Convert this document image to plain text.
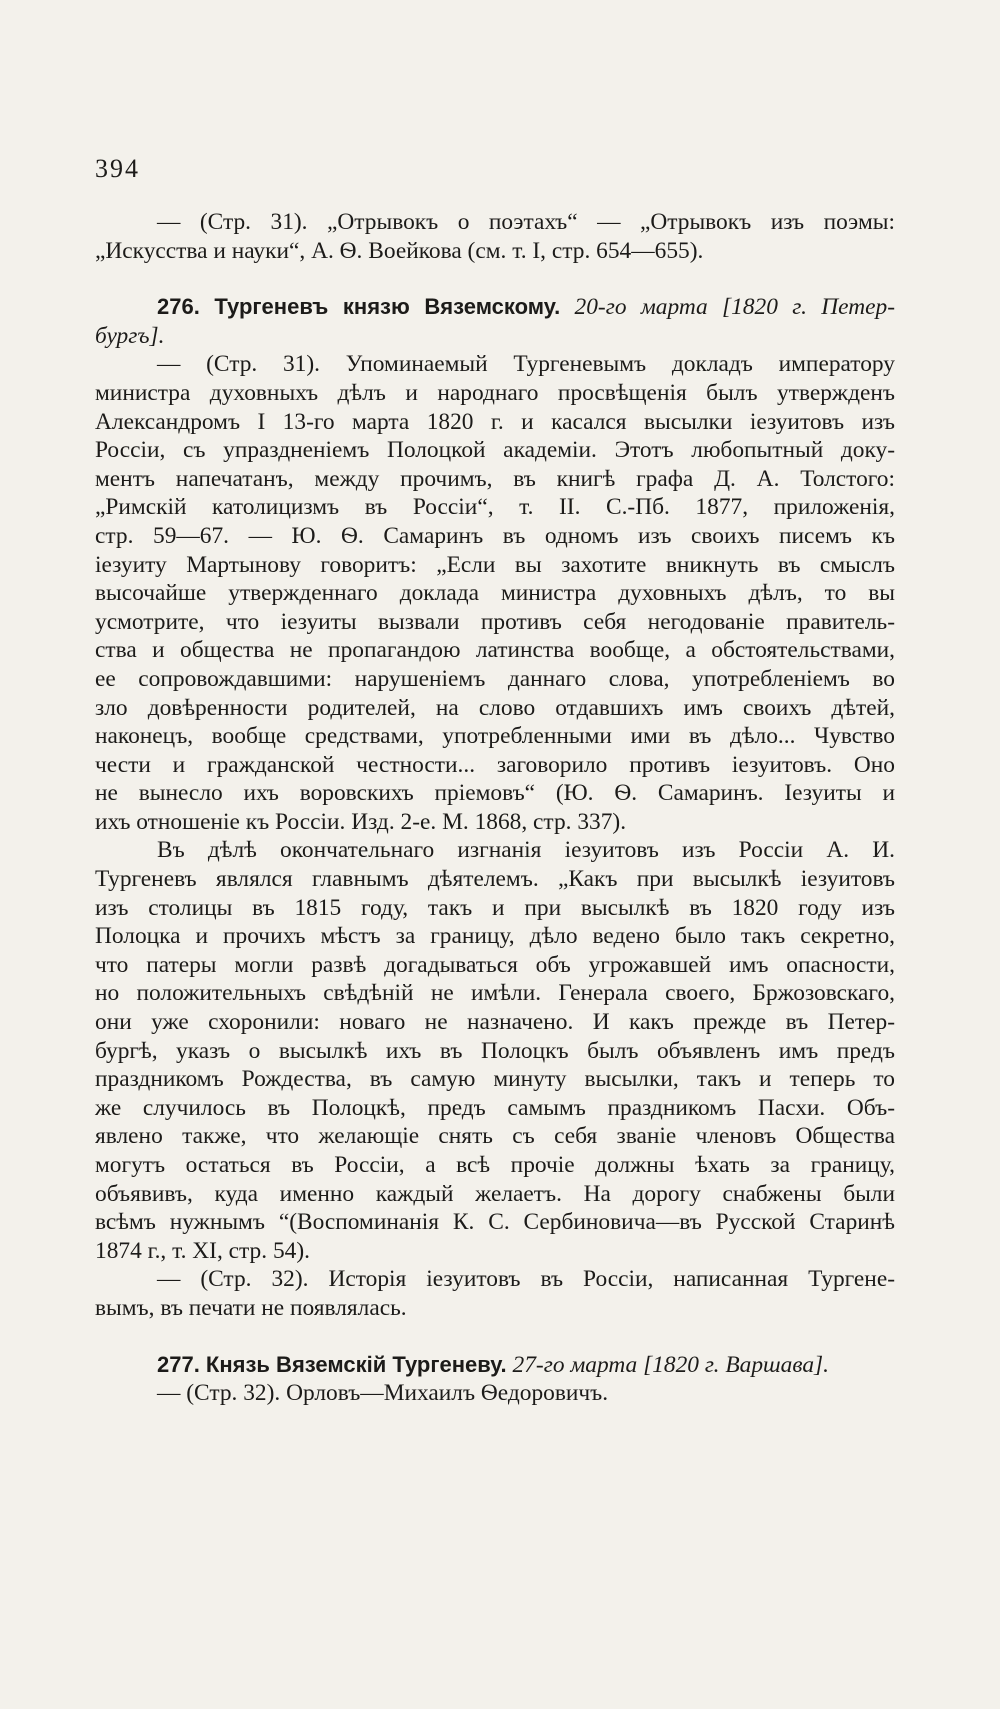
394
— (Стр. 31). „Отрывокъ о поэтахъ“ — „Отрывокъ изъ поэмы:
„Искусства и науки“, А. Ѳ. Воейкова (см. т. I, стр. 654—655).
276. Тургеневъ князю Вяземскому. 20-го марта [1820 г. Петер-
бургъ].
— (Стр. 31). Упоминаемый Тургеневымъ докладъ императору
министра духовныхъ дѣлъ и народнаго просвѣщенія былъ утвержденъ
Александромъ I 13-го марта 1820 г. и касался высылки іезуитовъ изъ
Россіи, съ упраздненіемъ Полоцкой академіи. Этотъ любопытный доку-
ментъ напечатанъ, между прочимъ, въ книгѣ графа Д. А. Толстого:
„Римскій католицизмъ въ Россіи“, т. II. С.-Пб. 1877, приложенія,
стр. 59—67. — Ю. Ѳ. Самаринъ въ одномъ изъ своихъ писемъ къ
іезуиту Мартынову говоритъ: „Если вы захотите вникнуть въ смыслъ
высочайше утвержденнаго доклада министра духовныхъ дѣлъ, то вы
усмотрите, что іезуиты вызвали противъ себя негодованіе правитель-
ства и общества не пропагандою латинства вообще, а обстоятельствами,
ее сопровождавшими: нарушеніемъ даннаго слова, употребленіемъ во
зло довѣренности родителей, на слово отдавшихъ имъ своихъ дѣтей,
наконецъ, вообще средствами, употребленными ими въ дѣло... Чувство
чести и гражданской честности... заговорило противъ іезуитовъ. Оно
не вынесло ихъ воровскихъ пріемовъ“ (Ю. Ѳ. Самаринъ. Іезуиты и
ихъ отношеніе къ Россіи. Изд. 2-е. М. 1868, стр. 337).
Въ дѣлѣ окончательнаго изгнанія іезуитовъ изъ Россіи А. И.
Тургеневъ являлся главнымъ дѣятелемъ. „Какъ при высылкѣ іезуитовъ
изъ столицы въ 1815 году, такъ и при высылкѣ въ 1820 году изъ
Полоцка и прочихъ мѣстъ за границу, дѣло ведено было такъ секретно,
что патеры могли развѣ догадываться объ угрожавшей имъ опасности,
но положительныхъ свѣдѣній не имѣли. Генерала своего, Бржозовскаго,
они уже схоронили: новаго не назначено. И какъ прежде въ Петер-
бургѣ, указъ о высылкѣ ихъ въ Полоцкъ былъ объявленъ имъ предъ
праздникомъ Рождества, въ самую минуту высылки, такъ и теперь то
же случилось въ Полоцкѣ, предъ самымъ праздникомъ Пасхи. Объ-
явлено также, что желающіе снять съ себя званіе членовъ Общества
могутъ остаться въ Россіи, а всѣ прочіе должны ѣхать за границу,
объявивъ, куда именно каждый желаетъ. На дорогу снабжены были
всѣмъ нужнымъ “(Воспоминанія К. С. Сербиновича—въ Русской Старинѣ
1874 г., т. XI, стр. 54).
— (Стр. 32). Исторія іезуитовъ въ Россіи, написанная Тургене-
вымъ, въ печати не появлялась.
277. Князь Вяземскій Тургеневу. 27-го марта [1820 г. Варшава].
— (Стр. 32). Орловъ—Михаилъ Ѳедоровичъ.
